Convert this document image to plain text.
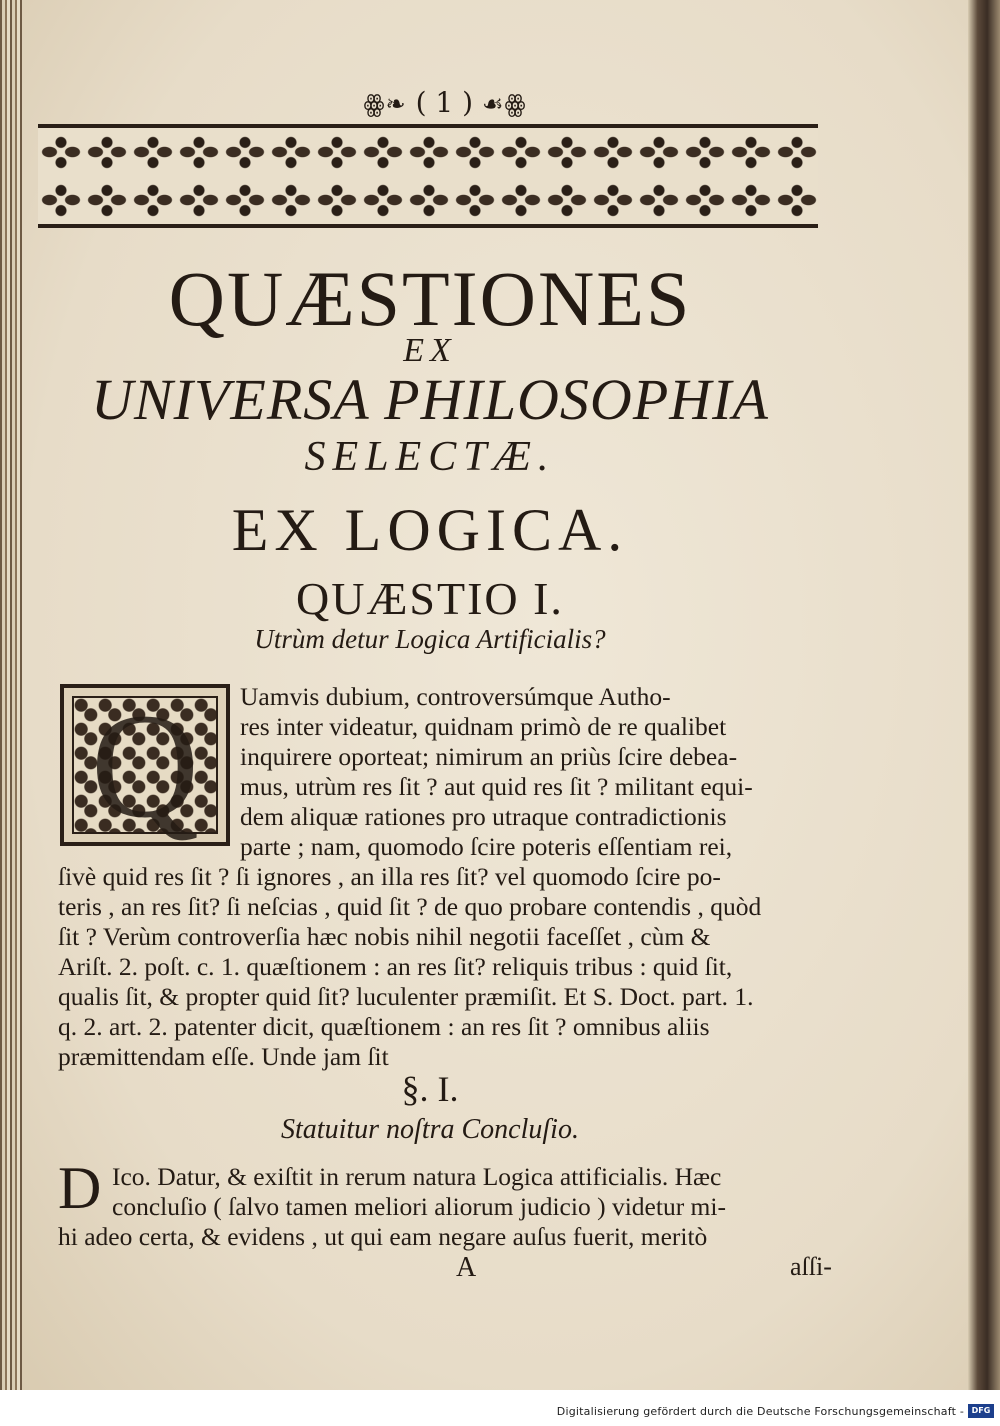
ꙮ❧ ( 1 ) ☙ꙮ
QUÆSTIONES
EX
UNIVERSA PHILOSOPHIA
SELECTÆ.
EX LOGICA.
QUÆSTIO I.
Utrùm detur Logica Artificialis?
Q	Uamvis dubium, controversúmque Autho-
res inter videatur, quidnam primò de re qualibet
inquirere oporteat; nimirum an priùs ſcire debea-
mus, utrùm res ſit ? aut quid res ſit ? militant equi-
dem aliquæ rationes pro utraque contradictionis
parte ; nam, quomodo ſcire poteris eſſentiam rei,
ſivè quid res ſit ? ſi ignores , an illa res ſit? vel quomodo ſcire po-
teris , an res ſit? ſi neſcias , quid ſit ? de quo probare contendis , quòd
ſit ? Verùm controverſia hæc nobis nihil negotii faceſſet , cùm &
Ariſt. 2. poſt. c. 1. quæſtionem : an res ſit? reliquis tribus : quid ſit,
qualis ſit, & propter quid ſit? luculenter præmiſit. Et S. Doct. part. 1.
q. 2. art. 2. patenter dicit, quæſtionem : an res ſit ? omnibus aliis
præmittendam eſſe. Unde jam ſit
§. I.
Statuitur noſtra Concluſio.
D Ico. Datur, & exiſtit in rerum natura Logica attificialis. Hæc
concluſio ( ſalvo tamen meliori aliorum judicio ) videtur mi-
hi adeo certa, & evidens , ut qui eam negare auſus fuerit, meritò
A	aſſi-
Digitalisierung gefördert durch die Deutsche Forschungsgemeinschaft - DFG
